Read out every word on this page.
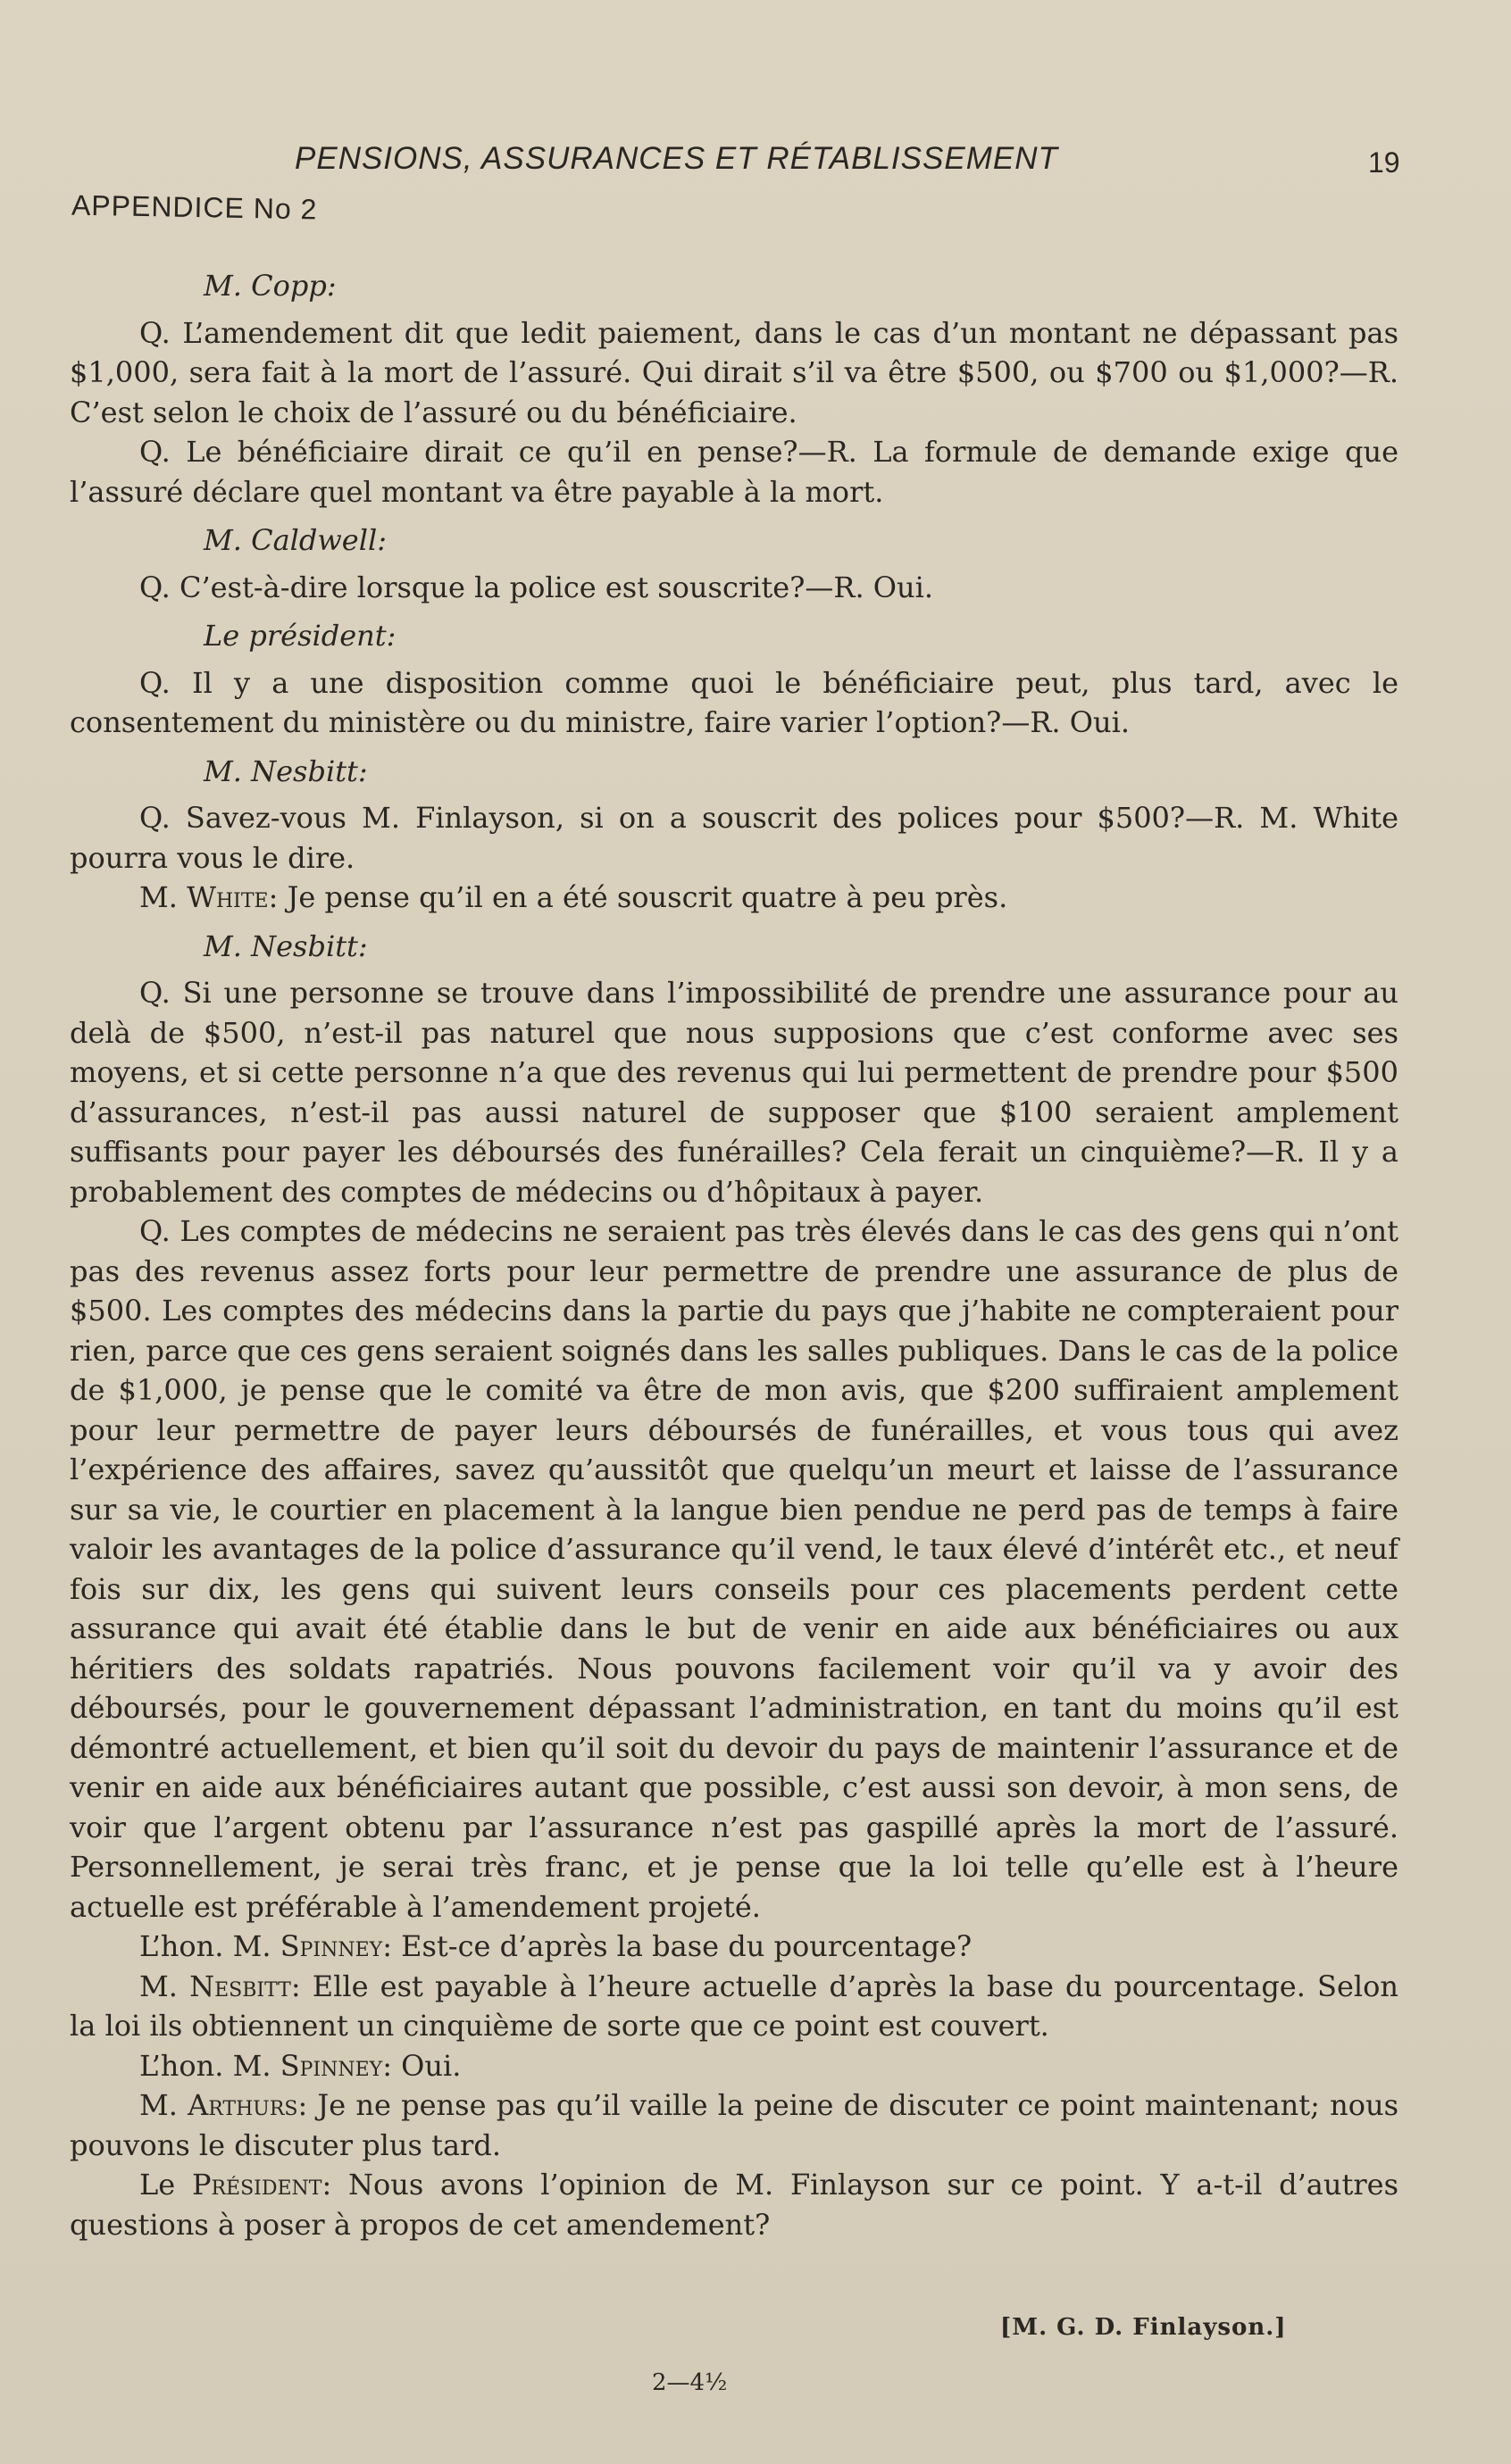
PENSIONS, ASSURANCES ET RÉTABLISSEMENT	19
APPENDICE No 2

M. Copp:

Q. L’amendement dit que ledit paiement, dans le cas d’un montant ne dépassant pas $1,000, sera fait à la mort de l’assuré. Qui dirait s’il va être $500, ou $700 ou $1,000?—R. C’est selon le choix de l’assuré ou du bénéficiaire.

Q. Le bénéficiaire dirait ce qu’il en pense?—R. La formule de demande exige que l’assuré déclare quel montant va être payable à la mort.

M. Caldwell:

Q. C’est-à-dire lorsque la police est souscrite?—R. Oui.

Le président:

Q. Il y a une disposition comme quoi le bénéficiaire peut, plus tard, avec le consentement du ministère ou du ministre, faire varier l’option?—R. Oui.

M. Nesbitt:

Q. Savez-vous M. Finlayson, si on a souscrit des polices pour $500?—R. M. White pourra vous le dire.

M. White: Je pense qu’il en a été souscrit quatre à peu près.

M. Nesbitt:

Q. Si une personne se trouve dans l’impossibilité de prendre une assurance pour au delà de $500, n’est-il pas naturel que nous supposions que c’est conforme avec ses moyens, et si cette personne n’a que des revenus qui lui permettent de prendre pour $500 d’assurances, n’est-il pas aussi naturel de supposer que $100 seraient amplement suffisants pour payer les déboursés des funérailles? Cela ferait un cinquième?—R. Il y a probablement des comptes de médecins ou d’hôpitaux à payer.

Q. Les comptes de médecins ne seraient pas très élevés dans le cas des gens qui n’ont pas des revenus assez forts pour leur permettre de prendre une assurance de plus de $500. Les comptes des médecins dans la partie du pays que j’habite ne compteraient pour rien, parce que ces gens seraient soignés dans les salles publiques. Dans le cas de la police de $1,000, je pense que le comité va être de mon avis, que $200 suffiraient amplement pour leur permettre de payer leurs déboursés de funérailles, et vous tous qui avez l’expérience des affaires, savez qu’aussitôt que quelqu’un meurt et laisse de l’assurance sur sa vie, le courtier en placement à la langue bien pendue ne perd pas de temps à faire valoir les avantages de la police d’assurance qu’il vend, le taux élevé d’intérêt etc., et neuf fois sur dix, les gens qui suivent leurs conseils pour ces placements perdent cette assurance qui avait été établie dans le but de venir en aide aux bénéficiaires ou aux héritiers des soldats rapatriés. Nous pouvons facilement voir qu’il va y avoir des déboursés, pour le gouvernement dépassant l’administration, en tant du moins qu’il est démontré actuellement, et bien qu’il soit du devoir du pays de maintenir l’assurance et de venir en aide aux bénéficiaires autant que possible, c’est aussi son devoir, à mon sens, de voir que l’argent obtenu par l’assurance n’est pas gaspillé après la mort de l’assuré. Personnellement, je serai très franc, et je pense que la loi telle qu’elle est à l’heure actuelle est préférable à l’amendement projeté.

L’hon. M. Spinney: Est-ce d’après la base du pourcentage?

M. Nesbitt: Elle est payable à l’heure actuelle d’après la base du pourcentage. Selon la loi ils obtiennent un cinquième de sorte que ce point est couvert.

L’hon. M. Spinney: Oui.

M. Arthurs: Je ne pense pas qu’il vaille la peine de discuter ce point maintenant; nous pouvons le discuter plus tard.

Le Président: Nous avons l’opinion de M. Finlayson sur ce point. Y a-t-il d’autres questions à poser à propos de cet amendement?

[M. G. D. Finlayson.]
2—4½
